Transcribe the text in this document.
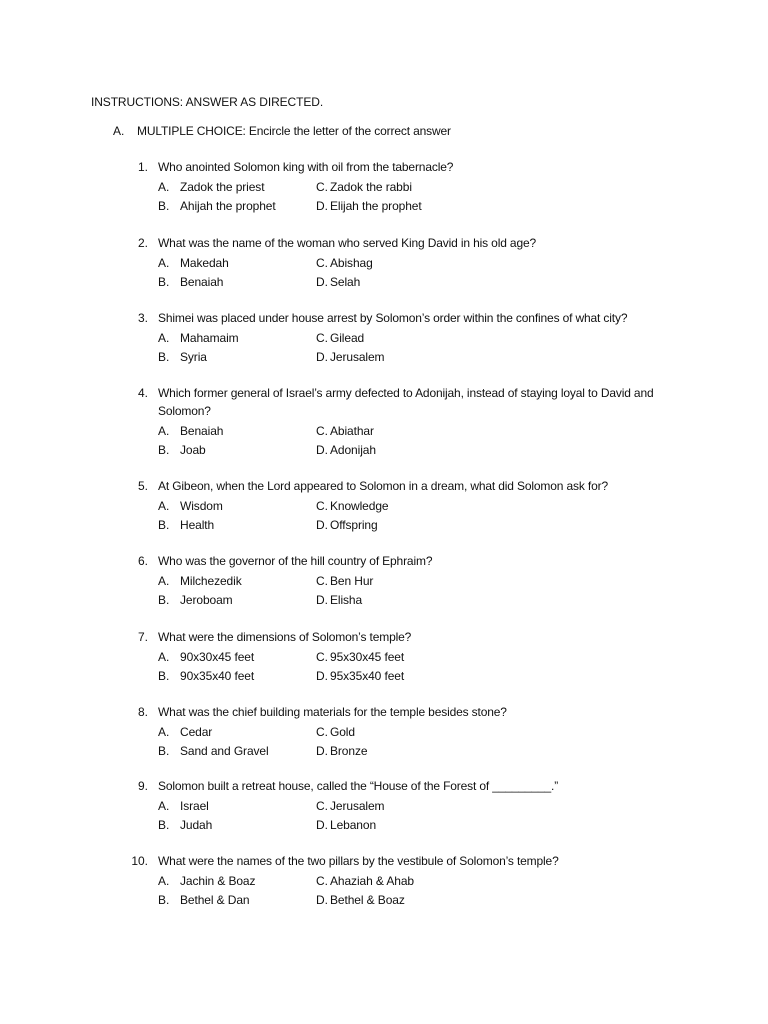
INSTRUCTIONS: ANSWER AS DIRECTED.
A. MULTIPLE CHOICE: Encircle the letter of the correct answer
1. Who anointed Solomon king with oil from the tabernacle?
A. Zadok the priest	C. Zadok the rabbi
B. Ahijah the prophet	D. Elijah the prophet
2. What was the name of the woman who served King David in his old age?
A. Makedah	C. Abishag
B. Benaiah	D. Selah
3. Shimei was placed under house arrest by Solomon’s order within the confines of what city?
A. Mahamaim	C. Gilead
B. Syria	D. Jerusalem
4. Which former general of Israel’s army defected to Adonijah, instead of staying loyal to David and Solomon?
A. Benaiah	C. Abiathar
B. Joab	D. Adonijah
5. At Gibeon, when the Lord appeared to Solomon in a dream, what did Solomon ask for?
A. Wisdom	C. Knowledge
B. Health	D. Offspring
6. Who was the governor of the hill country of Ephraim?
A. Milchezedik	C. Ben Hur
B. Jeroboam	D. Elisha
7. What were the dimensions of Solomon’s temple?
A. 90x30x45 feet	C. 95x30x45 feet
B. 90x35x40 feet	D. 95x35x40 feet
8. What was the chief building materials for the temple besides stone?
A. Cedar	C. Gold
B. Sand and Gravel	D. Bronze
9. Solomon built a retreat house, called the “House of the Forest of _________.”
A. Israel	C. Jerusalem
B. Judah	D. Lebanon
10. What were the names of the two pillars by the vestibule of Solomon’s temple?
A. Jachin & Boaz	C. Ahaziah & Ahab
B. Bethel & Dan	D. Bethel & Boaz
